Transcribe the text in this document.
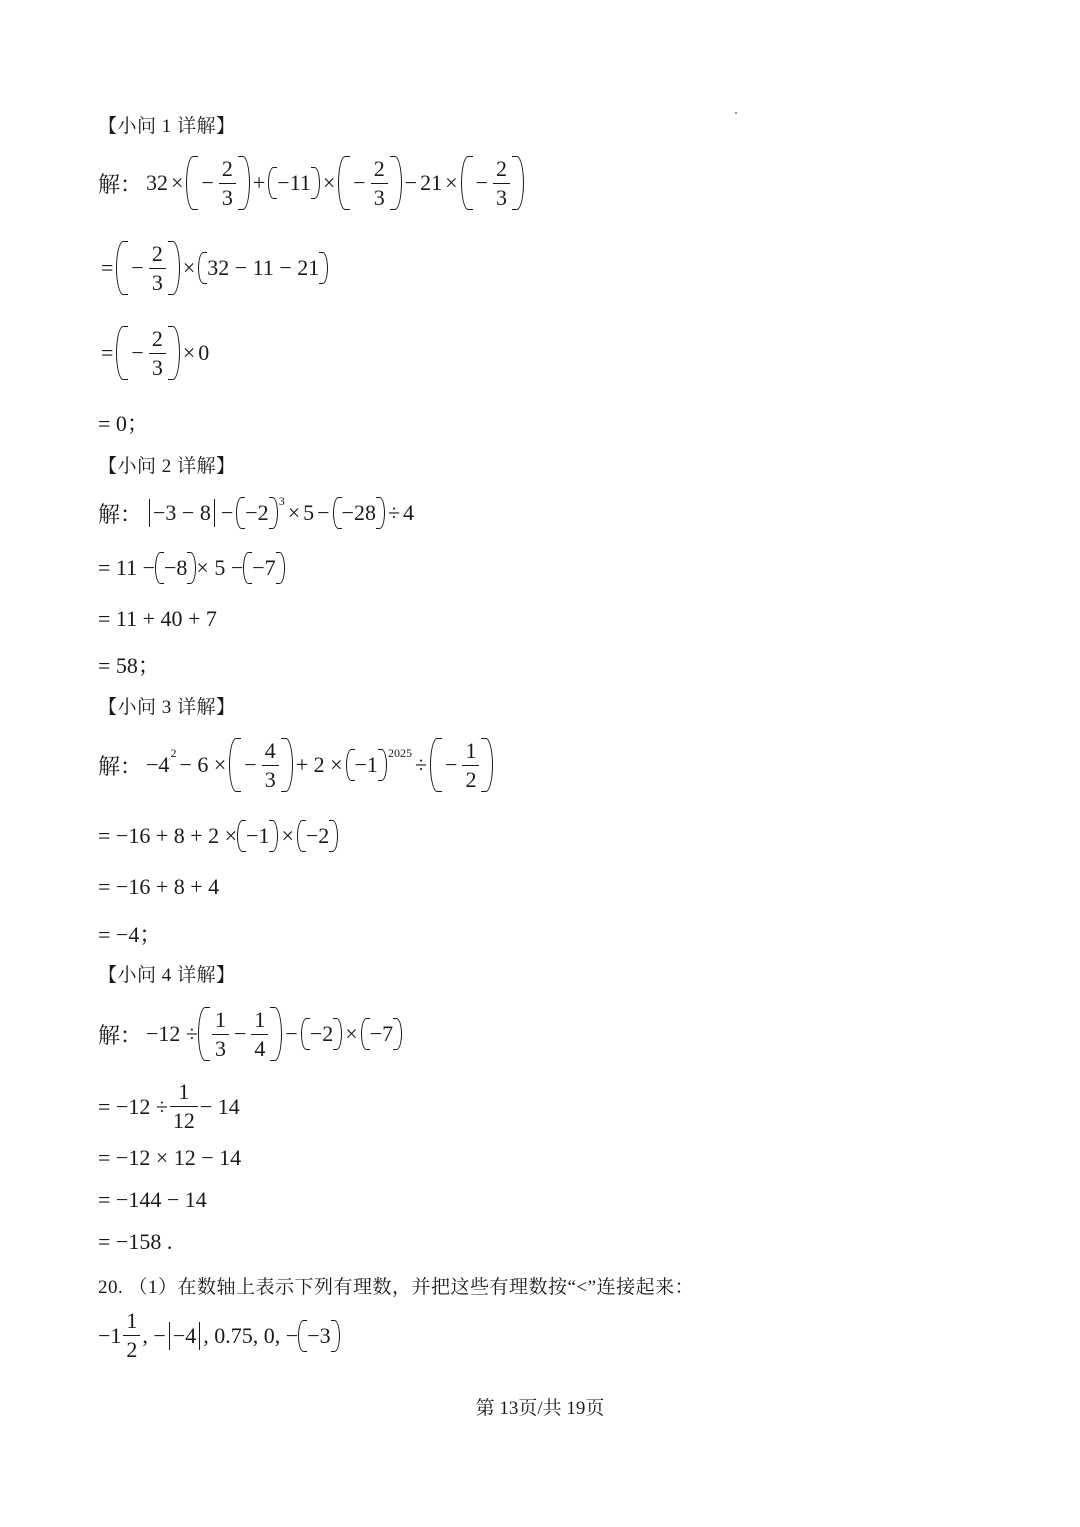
【小问 1 详解】
解： 32 × − $\frac{2}{3} + -11$ × − $\frac{2}{3} - 21$ × − $\frac{2}{3}$
= − $\frac{2}{3} \times 32 - 11 - 21$
= − $\frac{2}{3} \times 0$
= 0；
【小问 2 详解】
解： −3 − 8 − −2 3 × 5 − −28 ÷ 4
= 11 − −8 × 5 − −7
= 11 + 40 + 7
= 58；
【小问 3 详解】
解： −4 2 − 6 × − $\frac{4}{3} + 2 \times -1$ 2025 ÷ − $\frac{1}{2}$
= −16 + 8 + 2 × −1 × −2
= −16 + 8 + 4
= −4；
【小问 4 详解】
解： $-12 \div \frac{1}{3} - \frac{1}{4} - -2 \times -7$
= $-12 \div \frac{1}{12} - 14$
= −12 × 12 − 14
= −144 − 14
= −158 .
20. （1）在数轴上表示下列有理数，并把这些有理数按“<”连接起来：
$-1 \frac{1}{2}$ , − −4 , 0.75, 0, − −3
第 13页/共 19页
